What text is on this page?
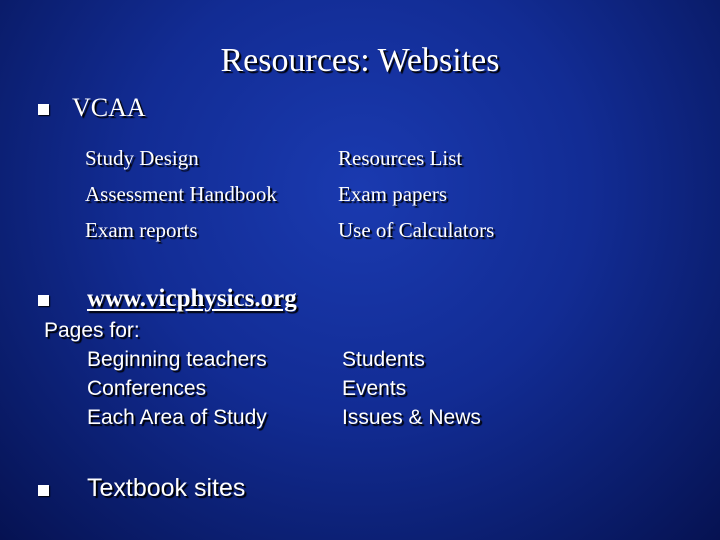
Resources: Websites
VCAA
Study Design
Assessment Handbook
Exam reports
Resources List
Exam papers
Use of Calculators
www.vicphysics.org
Pages for:
Beginning teachers
Conferences
Each Area of Study
Students
Events
Issues & News
Textbook sites
